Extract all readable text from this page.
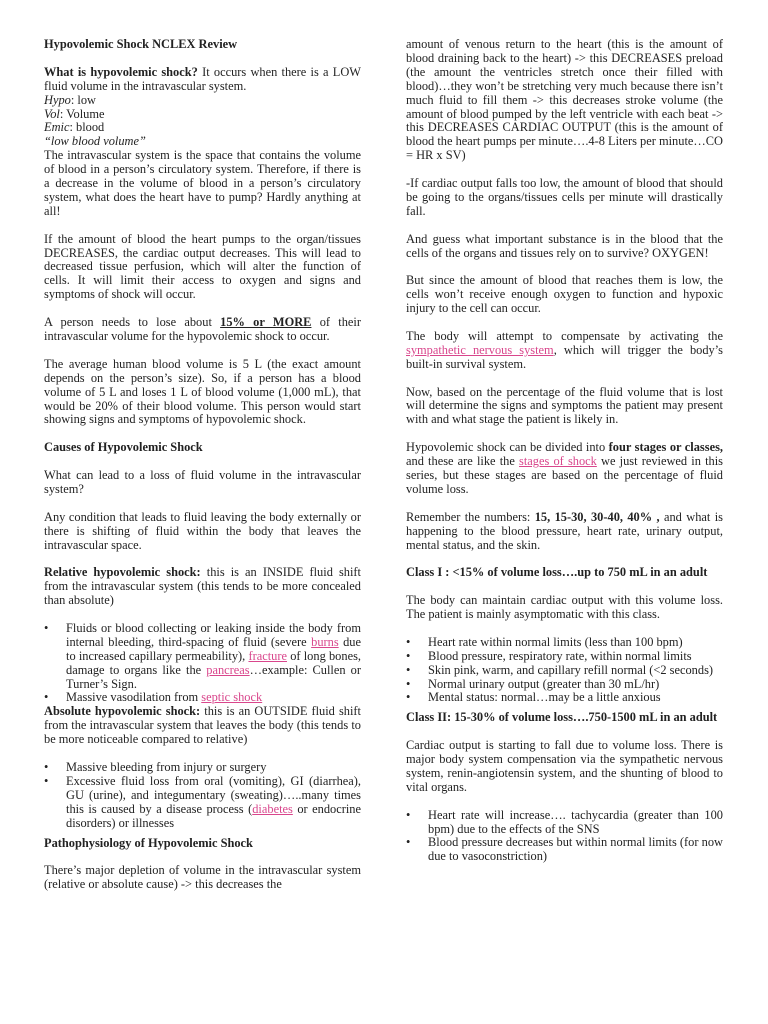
Hypovolemic Shock NCLEX Review

What is hypovolemic shock? It occurs when there is a LOW fluid volume in the intravascular system.

Hypo: low
Vol: Volume
Emic: blood
“low blood volume”

The intravascular system is the space that contains the volume of blood in a person’s circulatory system. Therefore, if there is a decrease in the volume of blood in a person’s circulatory system, what does the heart have to pump? Hardly anything at all!

If the amount of blood the heart pumps to the organ/tissues DECREASES, the cardiac output decreases. This will lead to decreased tissue perfusion, which will alter the function of cells. It will limit their access to oxygen and signs and symptoms of shock will occur.

A person needs to lose about 15% or MORE of their intravascular volume for the hypovolemic shock to occur.

The average human blood volume is 5 L (the exact amount depends on the person’s size). So, if a person has a blood volume of 5 L and loses 1 L of blood volume (1,000 mL), that would be 20% of their blood volume. This person would start showing signs and symptoms of hypovolemic shock.

Causes of Hypovolemic Shock

What can lead to a loss of fluid volume in the intravascular system?

Any condition that leads to fluid leaving the body externally or there is shifting of fluid within the body that leaves the intravascular space.

Relative hypovolemic shock: this is an INSIDE fluid shift from the intravascular system (this tends to be more concealed than absolute)

• Fluids or blood collecting or leaking inside the body from internal bleeding, third-spacing of fluid (severe burns due to increased capillary permeability), fracture of long bones, damage to organs like the pancreas…example: Cullen or Turner’s Sign.
• Massive vasodilation from septic shock

Absolute hypovolemic shock: this is an OUTSIDE fluid shift from the intravascular system that leaves the body (this tends to be more noticeable compared to relative)

• Massive bleeding from injury or surgery
• Excessive fluid loss from oral (vomiting), GI (diarrhea), GU (urine), and integumentary (sweating)…..many times this is caused by a disease process (diabetes or endocrine disorders) or illnesses

Pathophysiology of Hypovolemic Shock

There’s major depletion of volume in the intravascular system (relative or absolute cause) -> this decreases the

amount of venous return to the heart (this is the amount of blood draining back to the heart) -> this DECREASES preload (the amount the ventricles stretch once their filled with blood)…they won’t be stretching very much because there isn’t much fluid to fill them -> this decreases stroke volume (the amount of blood pumped by the left ventricle with each beat -> this DECREASES CARDIAC OUTPUT (this is the amount of blood the heart pumps per minute….4-8 Liters per minute…CO = HR x SV)

-If cardiac output falls too low, the amount of blood that should be going to the organs/tissues cells per minute will drastically fall.

And guess what important substance is in the blood that the cells of the organs and tissues rely on to survive? OXYGEN!

But since the amount of blood that reaches them is low, the cells won’t receive enough oxygen to function and hypoxic injury to the cell can occur.

The body will attempt to compensate by activating the sympathetic nervous system, which will trigger the body’s built-in survival system.

Now, based on the percentage of the fluid volume that is lost will determine the signs and symptoms the patient may present with and what stage the patient is likely in.

Hypovolemic shock can be divided into four stages or classes, and these are like the stages of shock we just reviewed in this series, but these stages are based on the percentage of fluid volume loss.

Remember the numbers: 15, 15-30, 30-40, 40% , and what is happening to the blood pressure, heart rate, urinary output, mental status, and the skin.

Class I : <15% of volume loss….up to 750 mL in an adult

The body can maintain cardiac output with this volume loss. The patient is mainly asymptomatic with this class.

• Heart rate within normal limits (less than 100 bpm)
• Blood pressure, respiratory rate, within normal limits
• Skin pink, warm, and capillary refill normal (<2 seconds)
• Normal urinary output (greater than 30 mL/hr)
• Mental status: normal…may be a little anxious

Class II: 15-30% of volume loss….750-1500 mL in an adult

Cardiac output is starting to fall due to volume loss. There is major body system compensation via the sympathetic nervous system, renin-angiotensin system, and the shunting of blood to vital organs.

• Heart rate will increase…. tachycardia (greater than 100 bpm) due to the effects of the SNS
• Blood pressure decreases but within normal limits (for now due to vasoconstriction)
